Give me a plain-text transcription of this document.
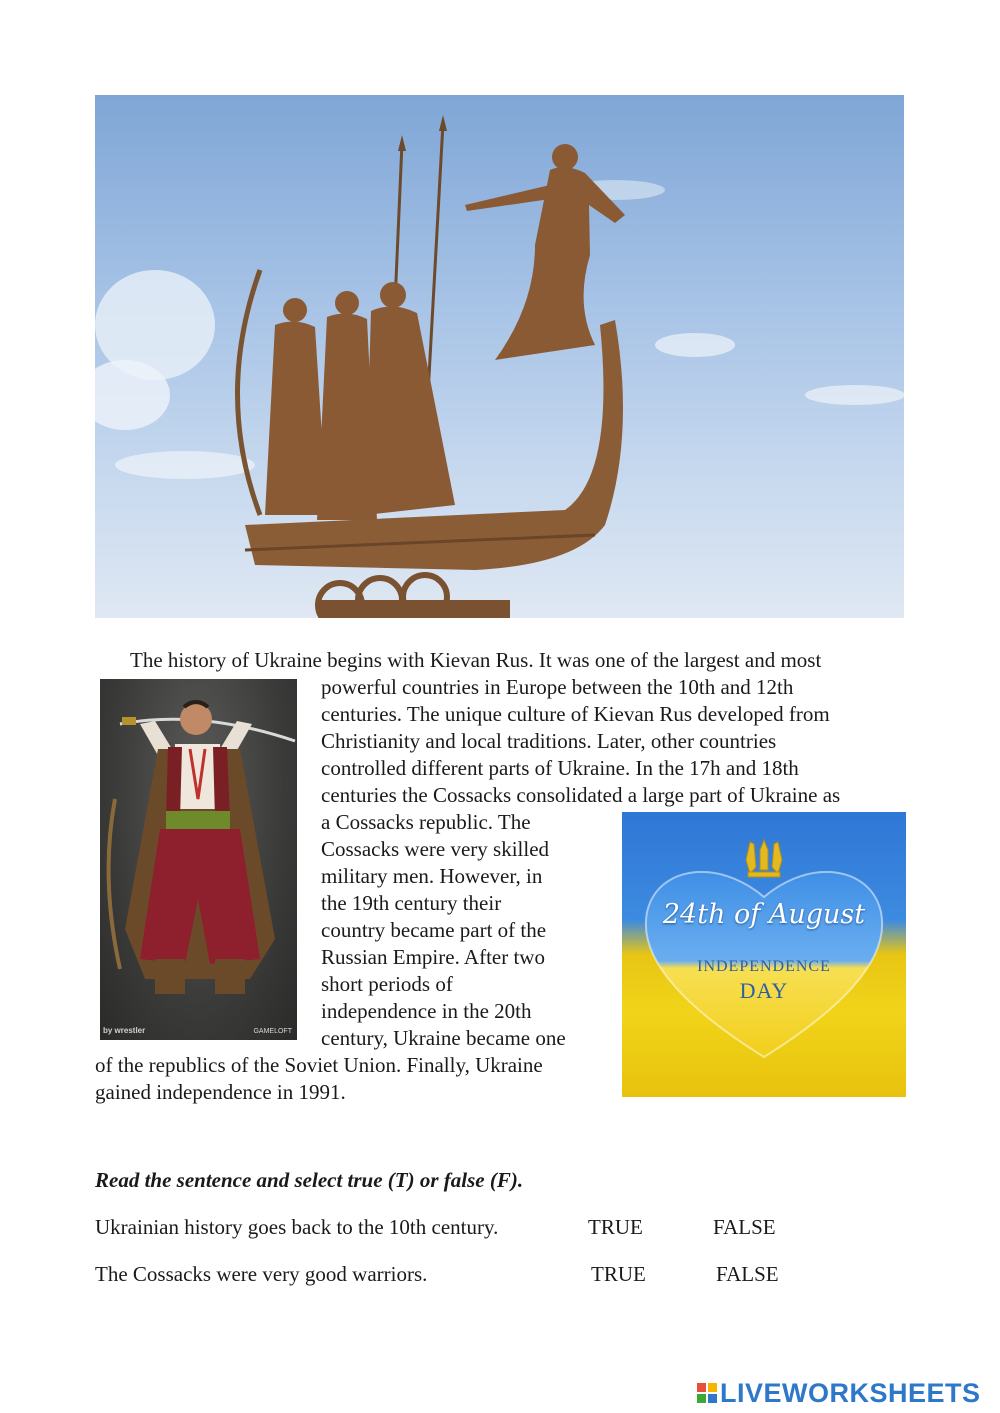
The history of Ukraine begins with Kievan Rus. It was one of the largest and most
powerful countries in Europe between the 10th and 12th
centuries. The unique culture of Kievan Rus developed from
Christianity and local traditions. Later, other countries
controlled different parts of Ukraine. In the 17h and 18th
centuries the Cossacks consolidated a large part of Ukraine as
a Cossacks republic. The
Cossacks were very skilled
military men. However, in
the 19th century their
country became part of the
Russian Empire. After two
short periods of
independence in the 20th
century, Ukraine became one
of the republics of the Soviet Union. Finally, Ukraine
gained independence in 1991.
by wrestler	GAMELOFT
24th of August
INDEPENDENCE
DAY
Read the sentence and select true (T) or false (F).
Ukrainian history goes back to the 10th century.	TRUE	FALSE
The Cossacks were very good warriors.	TRUE	FALSE
LIVEWORKSHEETS
